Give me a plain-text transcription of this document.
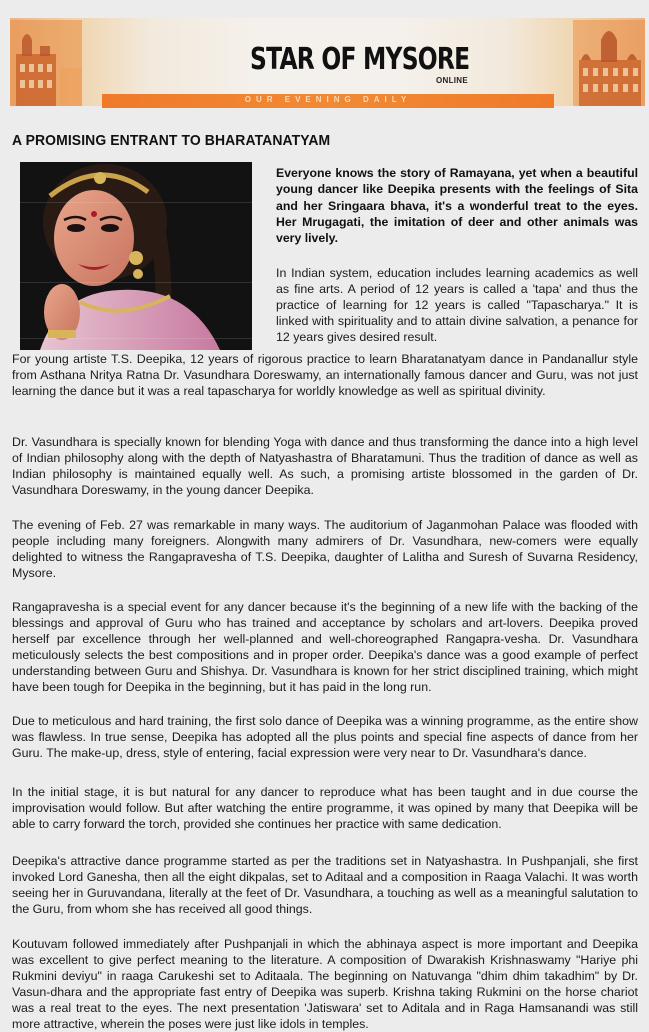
STAR OF MYSORE
ONLINE
OUR EVENING DAILY
A PROMISING ENTRANT TO BHARATANATYAM

Everyone knows the story of Ramayana, yet when a beautiful young dancer like Deepika presents with the feelings of Sita and her Sringaara bhava, it's a wonderful treat to the eyes. Her Mrugagati, the imitation of deer and other animals was very lively.

In Indian system, education includes learning academics as well as fine arts. A period of 12 years is called a 'tapa' and thus the practice of learning for 12 years is called "Tapascharya." It is linked with spirituality and to attain divine salvation, a penance for 12 years gives desired result.

For young artiste T.S. Deepika, 12 years of rigorous practice to learn Bharatanatyam dance in Pandanallur style from Asthana Nritya Ratna Dr. Vasundhara Doreswamy, an internationally famous dancer and Guru, was not just learning the dance but it was a real tapascharya for worldly knowledge as well as spiritual divinity.

Dr. Vasundhara is specially known for blending Yoga with dance and thus transforming the dance into a high level of Indian philosophy along with the depth of Natyashastra of Bharatamuni. Thus the tradition of dance as well as Indian philosophy is maintained equally well. As such, a promising artiste blossomed in the garden of Dr. Vasundhara Doreswamy, in the young dancer Deepika.

The evening of Feb. 27 was remarkable in many ways. The auditorium of Jaganmohan Palace was flooded with people including many foreigners. Alongwith many admirers of Dr. Vasundhara, new-comers were equally delighted to witness the Rangapravesha of T.S. Deepika, daughter of Lalitha and Suresh of Suvarna Residency, Mysore.

Rangapravesha is a special event for any dancer because it's the beginning of a new life with the backing of the blessings and approval of Guru who has trained and acceptance by scholars and art-lovers. Deepika proved herself par excellence through her well-planned and well-choreographed Rangapra-vesha. Dr. Vasundhara meticulously selects the best compositions and in proper order. Deepika's dance was a good example of perfect understanding between Guru and Shishya. Dr. Vasundhara is known for her strict disciplined training, which might have been tough for Deepika in the beginning, but it has paid in the long run.

Due to meticulous and hard training, the first solo dance of Deepika was a winning programme, as the entire show was flawless. In true sense, Deepika has adopted all the plus points and special fine aspects of dance from her Guru. The make-up, dress, style of entering, facial expression were very near to Dr. Vasundhara's dance.

In the initial stage, it is but natural for any dancer to reproduce what has been taught and in due course the improvisation would follow. But after watching the entire programme, it was opined by many that Deepika will be able to carry forward the torch, provided she continues her practice with same dedication.

Deepika's attractive dance programme started as per the traditions set in Natyashastra. In Pushpanjali, she first invoked Lord Ganesha, then all the eight dikpalas, set to Aditaal and a composition in Raaga Valachi. It was worth seeing her in Guruvandana, literally at the feet of Dr. Vasundhara, a touching as well as a meaningful salutation to the Guru, from whom she has received all good things.

Koutuvam followed immediately after Pushpanjali in which the abhinaya aspect is more important and Deepika was excellent to give perfect meaning to the literature. A composition of Dwarakish Krishnaswamy "Hariye phi Rukmini deviyu" in raaga Carukeshi set to Aditaala. The beginning on Natuvanga "dhim dhim takadhim" by Dr. Vasun-dhara and the appropriate fast entry of Deepika was superb. Krishna taking Rukmini on the horse chariot was a real treat to the eyes. The next presentation 'Jatiswara' set to Aditala and in Raga Hamsanandi was still more attractive, wherein the poses were just like idols in temples.
